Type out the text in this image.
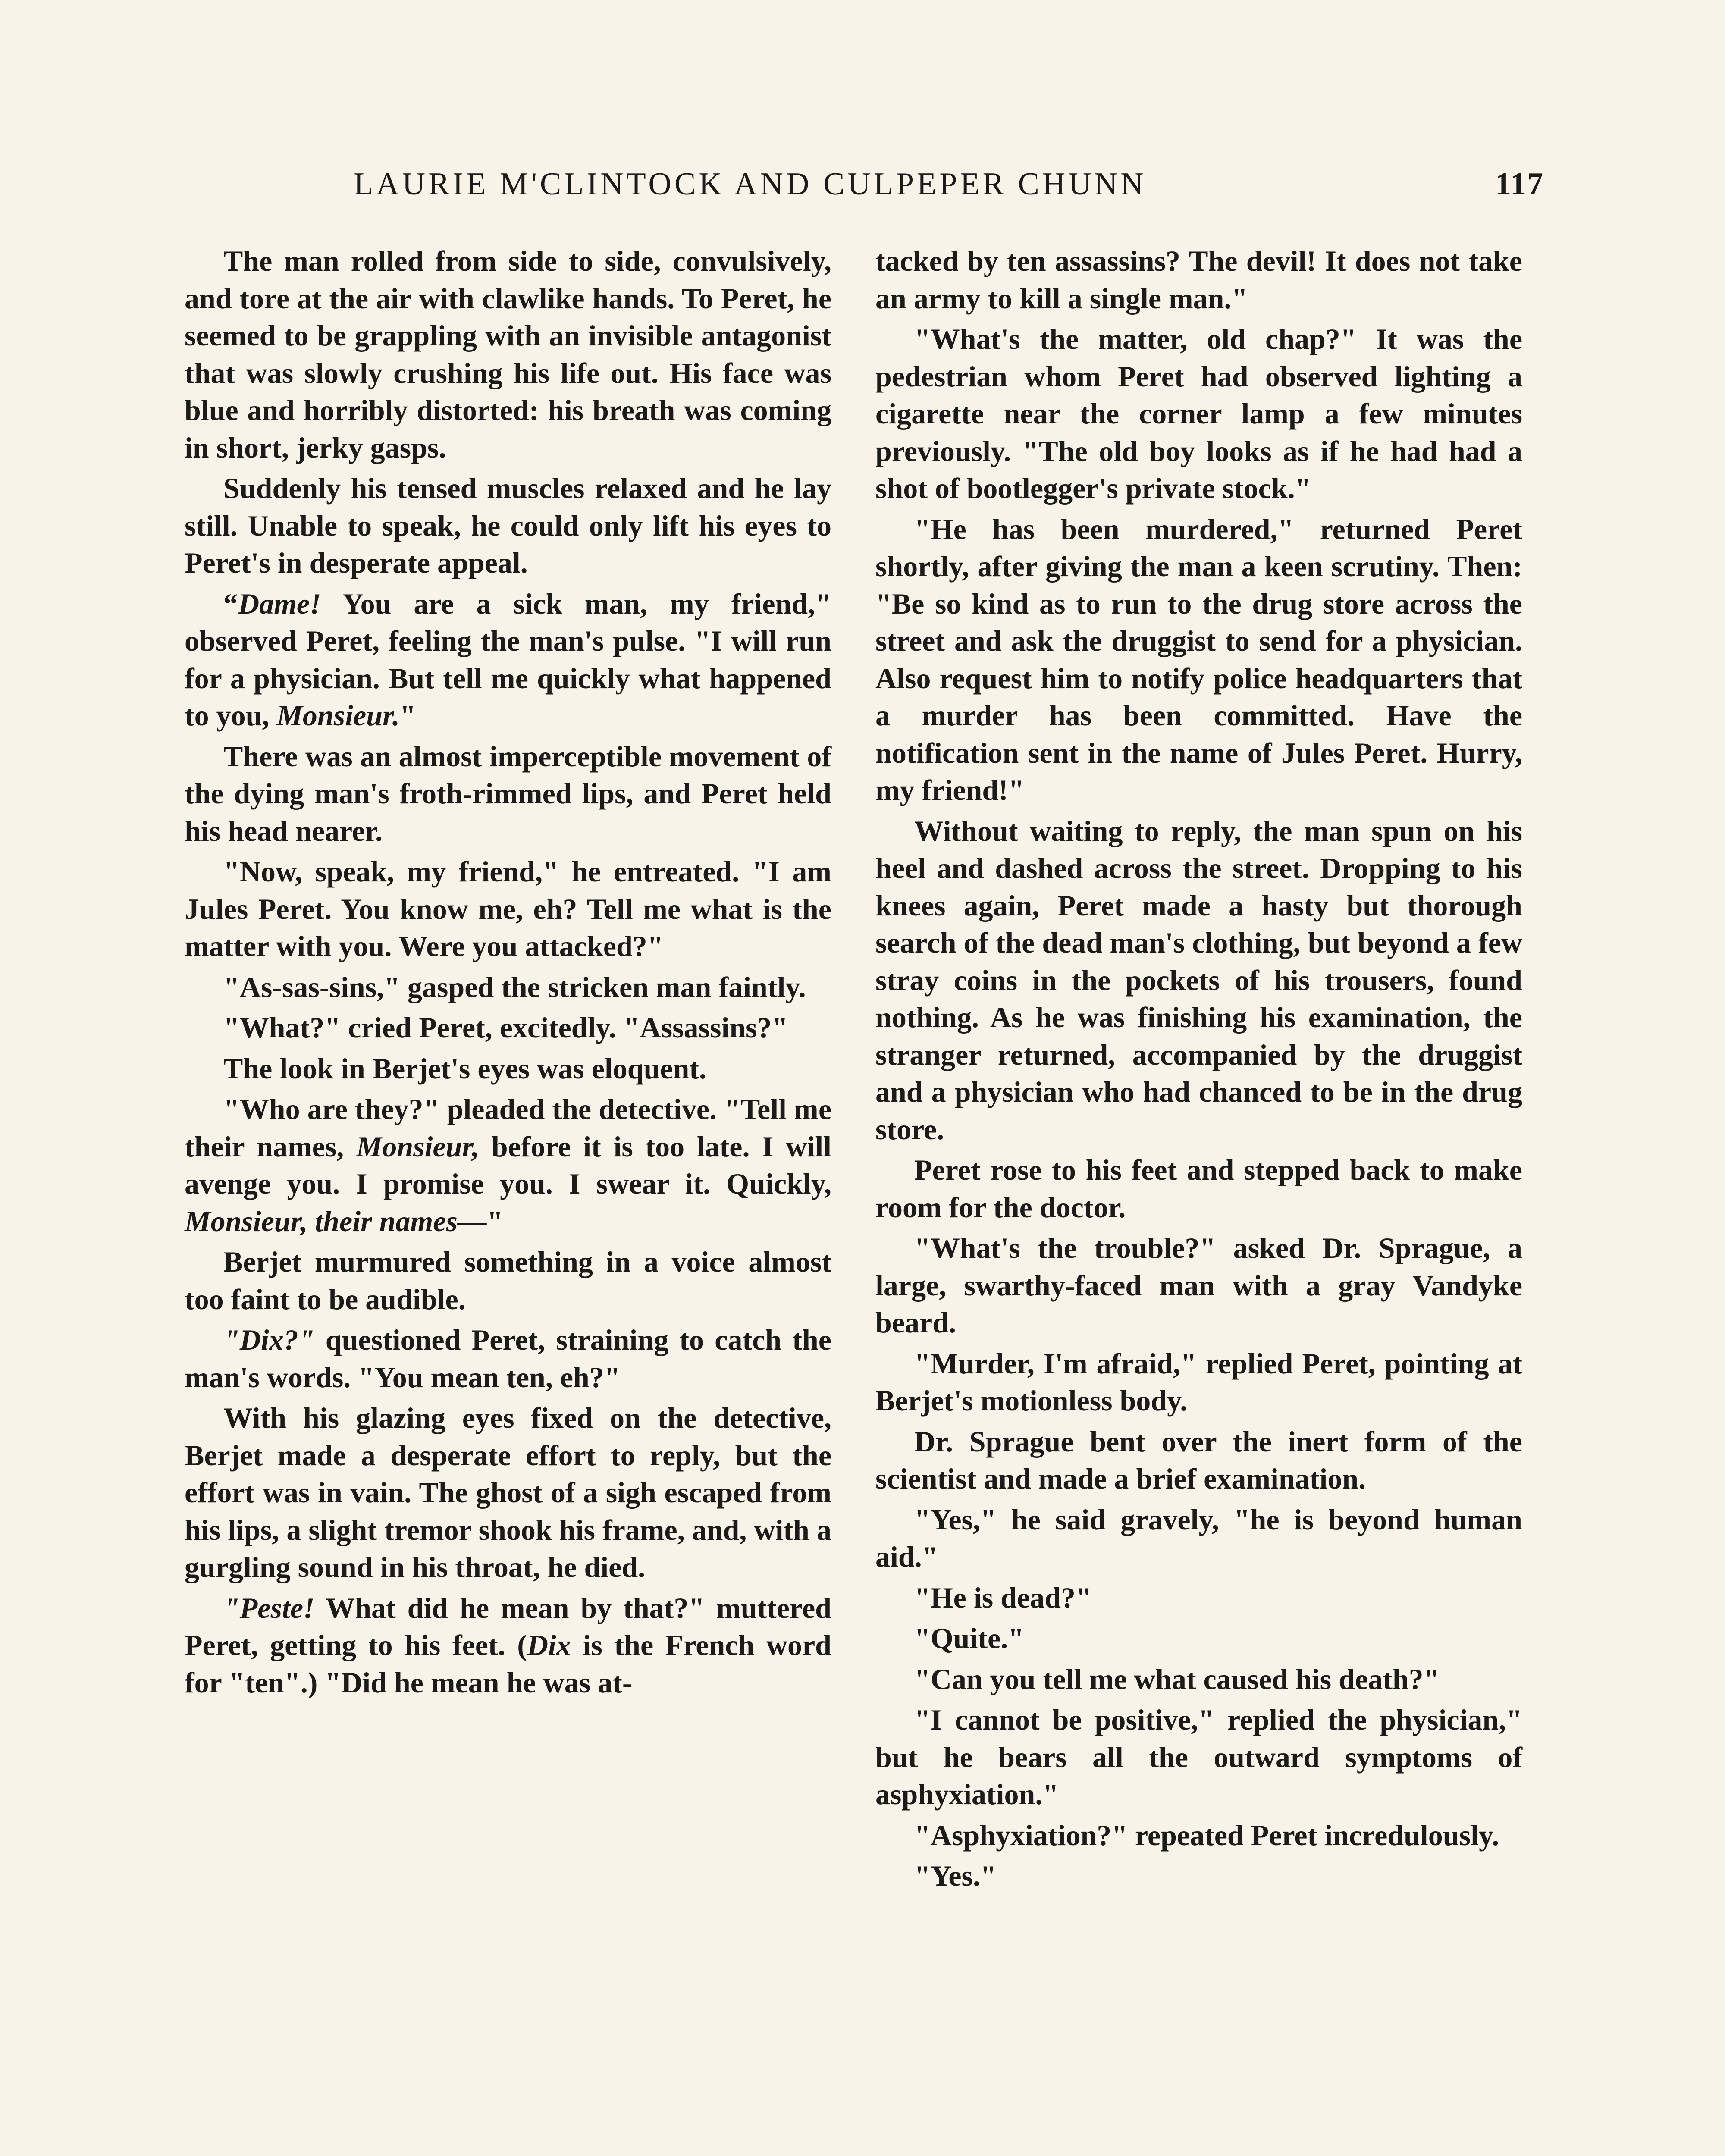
LAURIE M'CLINTOCK AND CULPEPER CHUNN	117

The man rolled from side to side, convulsively, and tore at the air with clawlike hands. To Peret, he seemed to be grappling with an invisible antagonist that was slowly crushing his life out. His face was blue and horribly distorted: his breath was coming in short, jerky gasps.

Suddenly his tensed muscles relaxed and he lay still. Unable to speak, he could only lift his eyes to Peret's in desperate appeal.

“Dame! You are a sick man, my friend," observed Peret, feeling the man's pulse. "I will run for a physician. But tell me quickly what happened to you, Monsieur."

There was an almost imperceptible movement of the dying man's froth-rimmed lips, and Peret held his head nearer.

"Now, speak, my friend," he entreated. "I am Jules Peret. You know me, eh? Tell me what is the matter with you. Were you attacked?"

"As-sas-sins," gasped the stricken man faintly.

"What?" cried Peret, excitedly. "Assassins?"

The look in Berjet's eyes was eloquent.

"Who are they?" pleaded the detective. "Tell me their names, Monsieur, before it is too late. I will avenge you. I promise you. I swear it. Quickly, Monsieur, their names—"

Berjet murmured something in a voice almost too faint to be audible.

"Dix?" questioned Peret, straining to catch the man's words. "You mean ten, eh?"

With his glazing eyes fixed on the detective, Berjet made a desperate effort to reply, but the effort was in vain. The ghost of a sigh escaped from his lips, a slight tremor shook his frame, and, with a gurgling sound in his throat, he died.

"Peste! What did he mean by that?" muttered Peret, getting to his feet. (Dix is the French word for "ten".) "Did he mean he was at-

tacked by ten assassins? The devil! It does not take an army to kill a single man."

"What's the matter, old chap?" It was the pedestrian whom Peret had observed lighting a cigarette near the corner lamp a few minutes previously. "The old boy looks as if he had had a shot of bootlegger's private stock."

"He has been murdered," returned Peret shortly, after giving the man a keen scrutiny. Then: "Be so kind as to run to the drug store across the street and ask the druggist to send for a physician. Also request him to notify police headquarters that a murder has been committed. Have the notification sent in the name of Jules Peret. Hurry, my friend!"

Without waiting to reply, the man spun on his heel and dashed across the street. Dropping to his knees again, Peret made a hasty but thorough search of the dead man's clothing, but beyond a few stray coins in the pockets of his trousers, found nothing. As he was finishing his examination, the stranger returned, accompanied by the druggist and a physician who had chanced to be in the drug store.

Peret rose to his feet and stepped back to make room for the doctor.

"What's the trouble?" asked Dr. Sprague, a large, swarthy-faced man with a gray Vandyke beard.

"Murder, I'm afraid," replied Peret, pointing at Berjet's motionless body.

Dr. Sprague bent over the inert form of the scientist and made a brief examination.

"Yes," he said gravely, "he is beyond human aid."

"He is dead?"

"Quite."

"Can you tell me what caused his death?"

"I cannot be positive," replied the physician," but he bears all the outward symptoms of asphyxiation."

"Asphyxiation?" repeated Peret incredulously.

"Yes."
